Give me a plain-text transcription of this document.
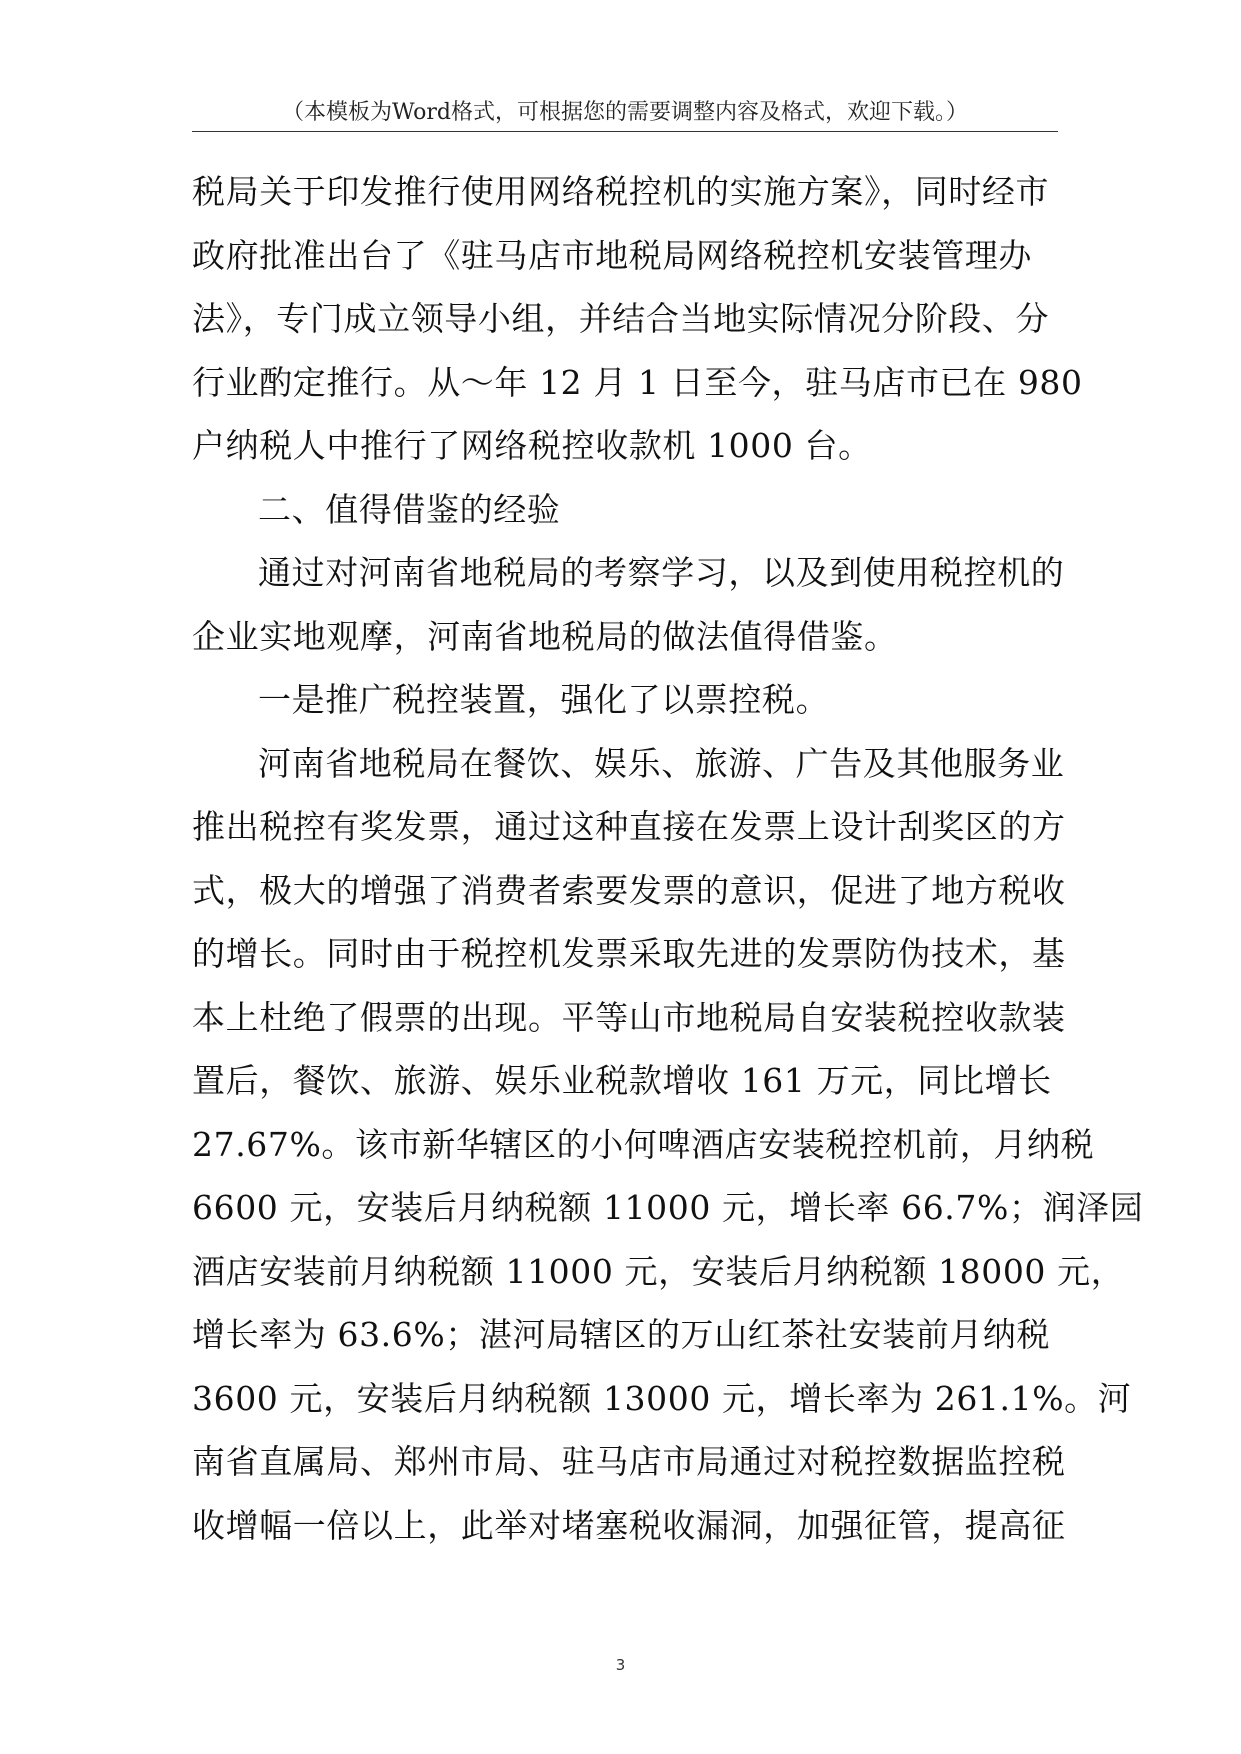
（本模板为Word格式，可根据您的需要调整内容及格式，欢迎下载。）
税局关于印发推行使用网络税控机的实施方案》，同时经市
政府批准出台了《驻马店市地税局网络税控机安装管理办
法》，专门成立领导小组，并结合当地实际情况分阶段、分
行业酌定推行。从～年 12 月 1 日至今，驻马店市已在 980
户纳税人中推行了网络税控收款机 1000 台。
二、值得借鉴的经验
通过对河南省地税局的考察学习，以及到使用税控机的
企业实地观摩，河南省地税局的做法值得借鉴。
一是推广税控装置，强化了以票控税。
河南省地税局在餐饮、娱乐、旅游、广告及其他服务业
推出税控有奖发票，通过这种直接在发票上设计刮奖区的方
式，极大的增强了消费者索要发票的意识，促进了地方税收
的增长。同时由于税控机发票采取先进的发票防伪技术，基
本上杜绝了假票的出现。平等山市地税局自安装税控收款装
置后，餐饮、旅游、娱乐业税款增收 161 万元，同比增长
27.67%。该市新华辖区的小何啤酒店安装税控机前，月纳税
6600 元，安装后月纳税额 11000 元，增长率 66.7%；润泽园
酒店安装前月纳税额 11000 元，安装后月纳税额 18000 元，
增长率为 63.6%；湛河局辖区的万山红茶社安装前月纳税
3600 元，安装后月纳税额 13000 元，增长率为 261.1%。河
南省直属局、郑州市局、驻马店市局通过对税控数据监控税
收增幅一倍以上，此举对堵塞税收漏洞，加强征管，提高征
3
